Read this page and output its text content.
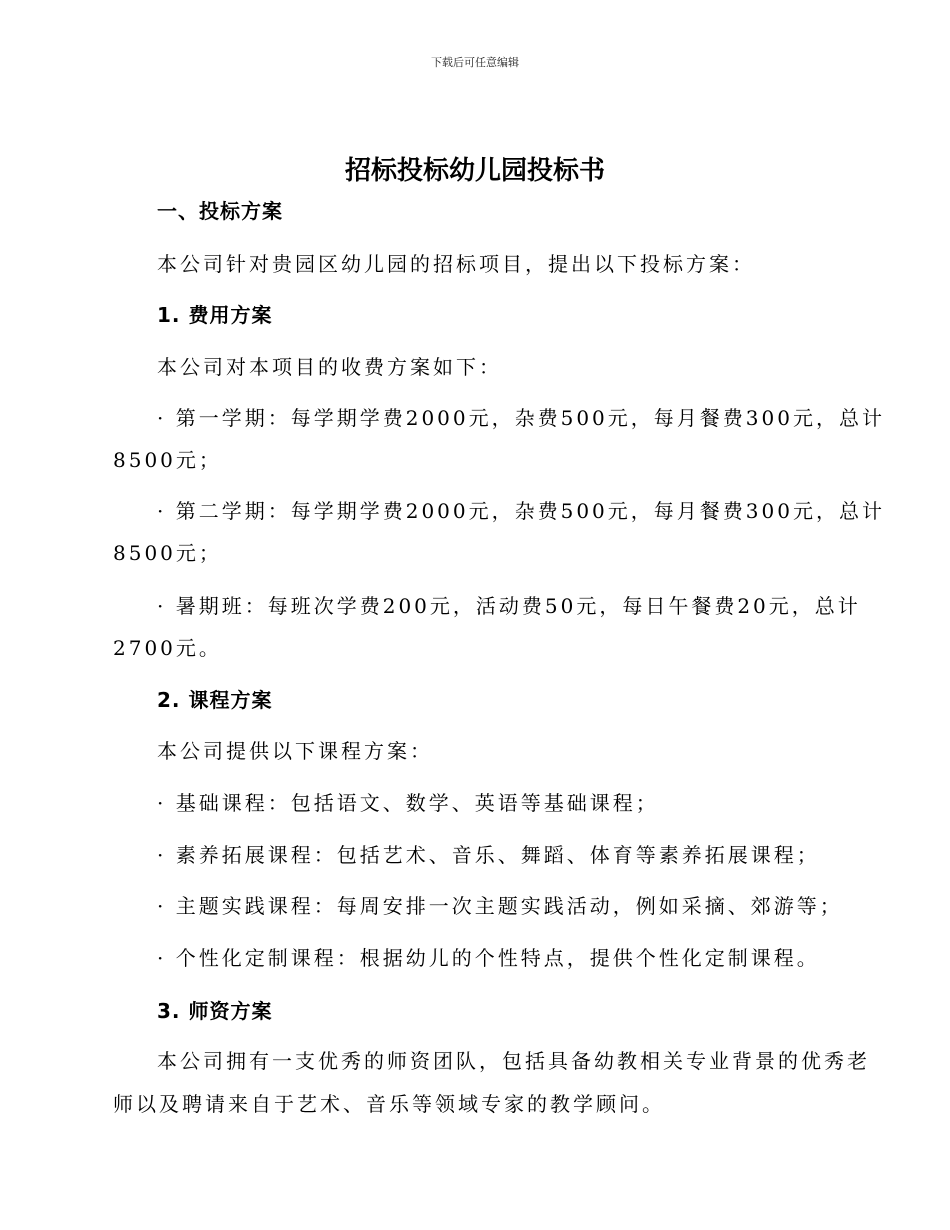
下载后可任意编辑
招标投标幼儿园投标书
一、投标方案
本公司针对贵园区幼儿园的招标项目，提出以下投标方案：
1. 费用方案
本公司对本项目的收费方案如下：
· 第一学期：每学期学费2000元，杂费500元，每月餐费300元，总计
8500元；
· 第二学期：每学期学费2000元，杂费500元，每月餐费300元，总计
8500元；
· 暑期班：每班次学费200元，活动费50元，每日午餐费20元，总计
2700元。
2. 课程方案
本公司提供以下课程方案：
· 基础课程：包括语文、数学、英语等基础课程；
· 素养拓展课程：包括艺术、音乐、舞蹈、体育等素养拓展课程；
· 主题实践课程：每周安排一次主题实践活动，例如采摘、郊游等；
· 个性化定制课程：根据幼儿的个性特点，提供个性化定制课程。
3. 师资方案
本公司拥有一支优秀的师资团队，包括具备幼教相关专业背景的优秀老
师以及聘请来自于艺术、音乐等领域专家的教学顾问。
